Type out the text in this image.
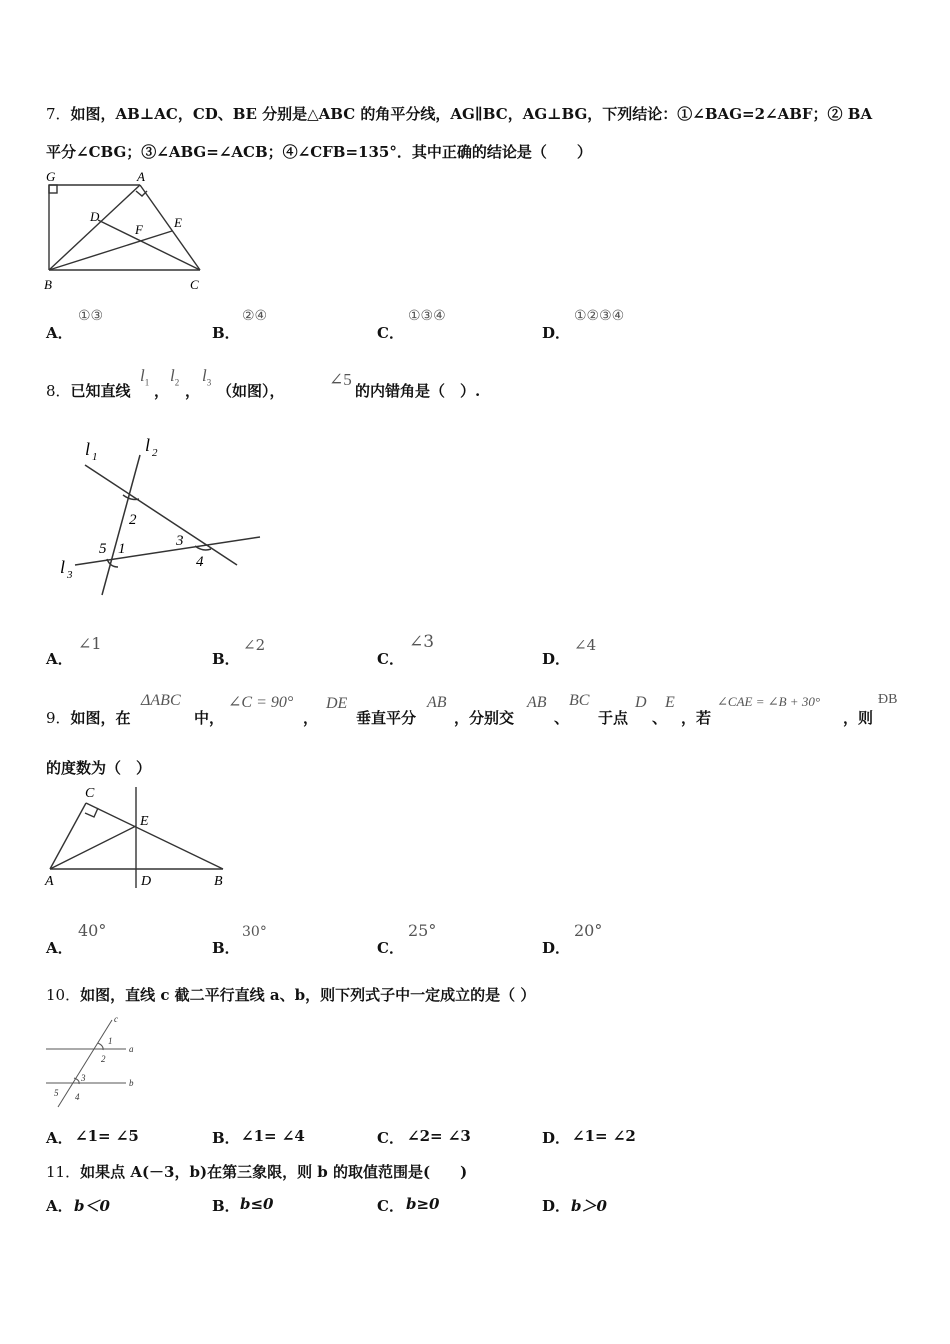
7．如图，AB⊥AC，CD、BE 分别是△ABC 的角平分线，AG∥BC，AG⊥BG，下列结论：①∠BAG=2∠ABF；② BA
平分∠CBG；③∠ABG=∠ACB；④∠CFB=135°．其中正确的结论是（　　）
G	A
D
F E
B	C
A．
①③
B．
②④
C．
①③④
D．
①②③④
8．已知直线
$l_1$ ，
$l_2$ ，
$l_3$ （如图），
∠5
的内错角是（　）.
l 1
l 2
l 3
2
5 1	3
4
A．
∠1
B．
∠2
C．
∠3
D．
∠4
9．如图，在
ΔABC
中，
∠C = 90°
，
DE
垂直平分
AB
，分别交
AB
、
BC
于点
D
、
E
，若
∠CAE = ∠B + 30°
，则
ÐB
的度数为（　）
C
E
A	D	B
A．
40°
B．
30°
C．
25°
D．
20°
10．如图，直线 c 截二平行直线 a、b，则下列式子中一定成立的是（ ）
c
a
b
1
2
3
4
5
A． ∠1= ∠5	B． ∠1= ∠4	C． ∠2= ∠3	D． ∠1= ∠2
11．如果点 A(－3，b)在第三象限，则 b 的取值范围是(　　)
A． b＜0	B． b≤0	C． b≥0	D． b＞0
